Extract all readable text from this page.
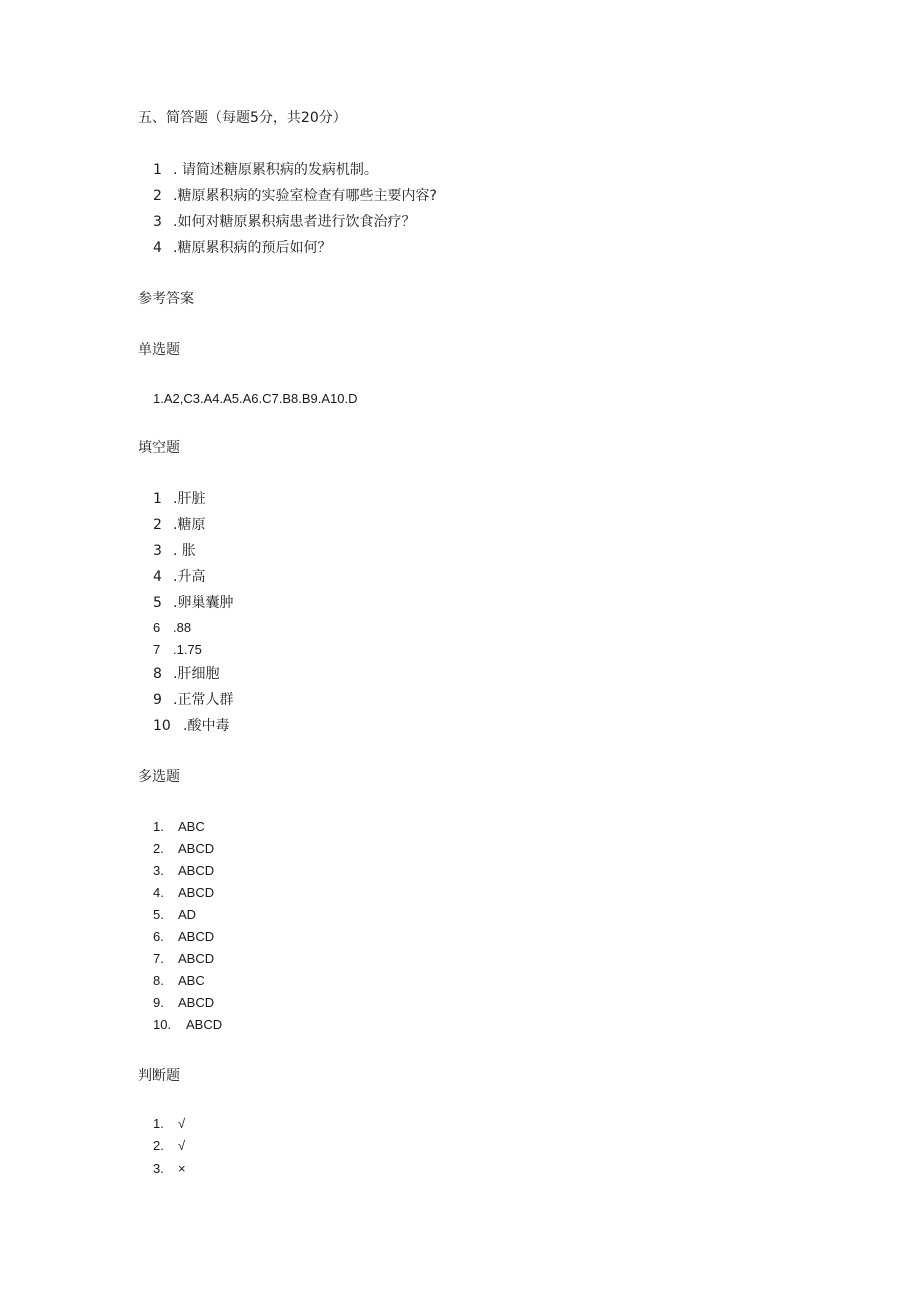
五、简答题（每题5分，共20分）
1 . 请简述糖原累积病的发病机制。
2 .糖原累积病的实验室检查有哪些主要内容?
3 .如何对糖原累积病患者进行饮食治疗？
4 .糖原累积病的预后如何？
参考答案
单选题
1.A2,C3.A4.A5.A6.C7.B8.B9.A10.D
填空题
1 .肝脏
2 .糖原
3 . 胀
4 .升高
5 .卵巢囊肿
6 .88
7 .1.75
8 .肝细胞
9 .正常人群
10 .酸中毒
多选题
1. ABC
2. ABCD
3. ABCD
4. ABCD
5. AD
6. ABCD
7. ABCD
8. ABC
9. ABCD
10. ABCD
判断题
1. √
2. √
3. ×
